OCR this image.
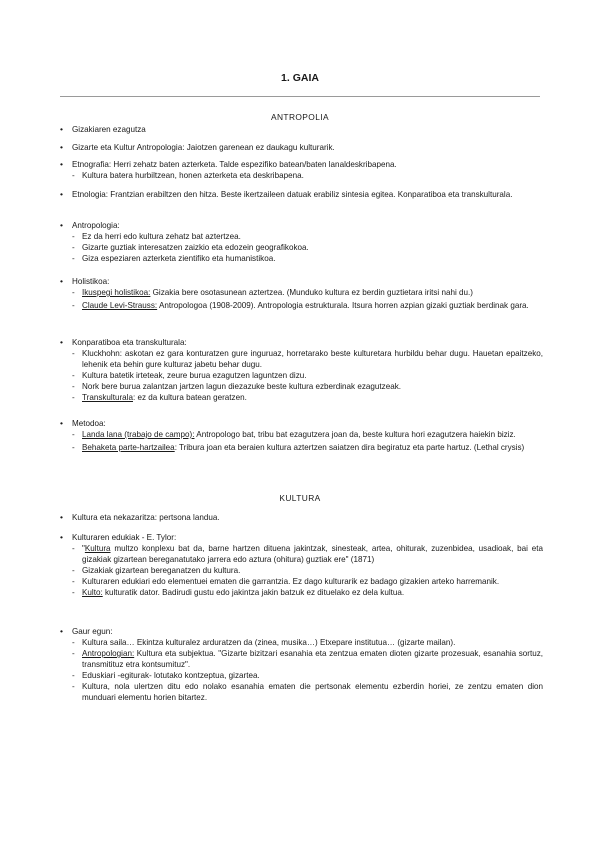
1. GAIA
ANTROPOLIA
• Gizakiaren ezagutza
• Gizarte eta Kultur Antropologia: Jaiotzen garenean ez daukagu kulturarik.
• Etnografia: Herri zehatz baten azterketa. Talde espezifiko batean/baten lanaldeskribapena.
- Kultura batera hurbiltzean, honen azterketa eta deskribapena.
• Etnologia: Frantzian erabiltzen den hitza. Beste ikertzaileen datuak erabiliz sintesia egitea. Konparatiboa eta transkulturala.
• Antropologia:
- Ez da herri edo kultura zehatz bat aztertzea.
- Gizarte guztiak interesatzen zaizkio eta edozein geografikokoa.
- Giza espeziaren azterketa zientifiko eta humanistikoa.
• Holistikoa:
- Ikuspegi holistikoa: Gizakia bere osotasunean aztertzea. (Munduko kultura ez berdin guztietara iritsi nahi du.)
- Claude Levi-Strauss: Antropologoa (1908-2009). Antropologia estrukturala. Itsura horren azpian gizaki guztiak berdinak gara.
• Konparatiboa eta transkulturala:
- Kluckhohn: askotan ez gara konturatzen gure inguruaz, horretarako beste kulturetara hurbildu behar dugu. Hauetan epaitzeko, lehenik eta behin gure kulturaz jabetu behar dugu.
- Kultura batetik irteteak, zeure burua ezagutzen laguntzen dizu.
- Nork bere burua zalantzan jartzen lagun diezazuke beste kultura ezberdinak ezagutzeak.
- Transkulturala: ez da kultura batean geratzen.
• Metodoa:
- Landa lana (trabajo de campo): Antropologo bat, tribu bat ezagutzera joan da, beste kultura hori ezagutzera haiekin biziz.
- Behaketa parte-hartzailea: Tribura joan eta beraien kultura aztertzen saiatzen dira begiratuz eta parte hartuz. (Lethal crysis)
KULTURA
• Kultura eta nekazaritza: pertsona landua.
• Kulturaren edukiak - E. Tylor:
- "Kultura multzo konplexu bat da, barne hartzen dituena jakintzak, sinesteak, artea, ohiturak, zuzenbidea, usadioak, bai eta gizakiak gizartean bereganatutako jarrera edo aztura (ohitura) guztiak ere" (1871)
- Gizakiak gizartean bereganatzen du kultura.
- Kulturaren edukiari edo elementuei ematen die garrantzia. Ez dago kulturarik ez badago gizakien arteko harremanik.
- Kulto: kulturatik dator. Badirudi gustu edo jakintza jakin batzuk ez dituelako ez dela kultua.
• Gaur egun:
- Kultura saila… Ekintza kulturalez arduratzen da (zinea, musika…) Etxepare institutua… (gizarte mailan).
- Antropologian: Kultura eta subjektua. "Gizarte bizitzari esanahia eta zentzua ematen dioten gizarte prozesuak, esanahia sortuz, transmitituz etra kontsumituz".
- Eduskiari -egiturak- lotutako kontzeptua, gizartea.
- Kultura, nola ulertzen ditu edo nolako esanahia ematen die pertsonak elementu ezberdin horiei, ze zentzu ematen dion munduari elementu horien bitartez.
